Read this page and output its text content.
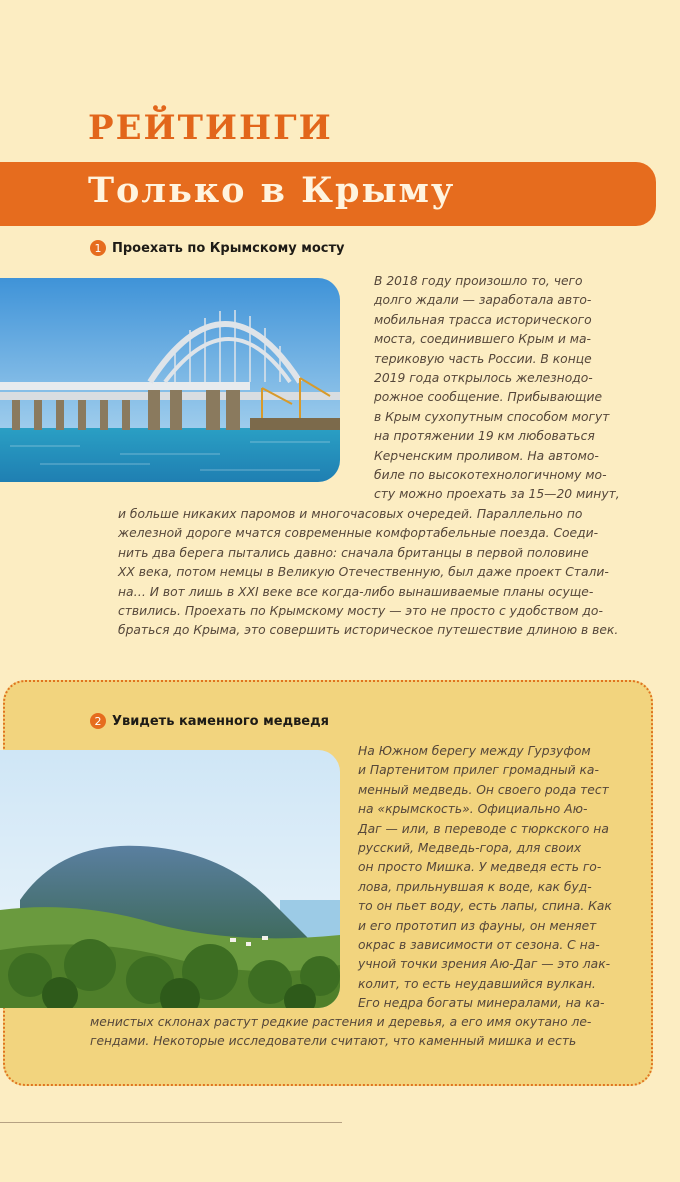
РЕЙТИНГИ
Только в Крыму
1 Проехать по Крымскому мосту
В 2018 году произошло то, чего
долго ждали — заработала авто-
мобильная трасса исторического
моста, соединившего Крым и ма-
териковую часть России. В конце
2019 года открылось железнодо-
рожное сообщение. Прибывающие
в Крым сухопутным способом могут
на протяжении 19 км любоваться
Керченским проливом. На автомо-
биле по высокотехнологичному мо-
сту можно проехать за 15—20 минут,
и больше никаких паромов и многочасовых очередей. Параллельно по
железной дороге мчатся современные комфортабельные поезда. Соеди-
нить два берега пытались давно: сначала британцы в первой половине
XX века, потом немцы в Великую Отечественную, был даже проект Стали-
на… И вот лишь в XXI веке все когда-либо вынашиваемые планы осуще-
ствились. Проехать по Крымскому мосту — это не просто с удобством до-
браться до Крыма, это совершить историческое путешествие длиною в век.
2 Увидеть каменного медведя
На Южном берегу между Гурзуфом
и Партенитом прилег громадный ка-
менный медведь. Он своего рода тест
на «крымскость». Официально Аю-
Даг — или, в переводе с тюркского на
русский, Медведь-гора, для своих
он просто Мишка. У медведя есть го-
лова, прильнувшая к воде, как буд-
то он пьет воду, есть лапы, спина. Как
и его прототип из фауны, он меняет
окрас в зависимости от сезона. С на-
учной точки зрения Аю-Даг — это лак-
колит, то есть неудавшийся вулкан.
Его недра богаты минералами, на ка-
менистых склонах растут редкие растения и деревья, а его имя окутано ле-
гендами. Некоторые исследователи считают, что каменный мишка и есть
